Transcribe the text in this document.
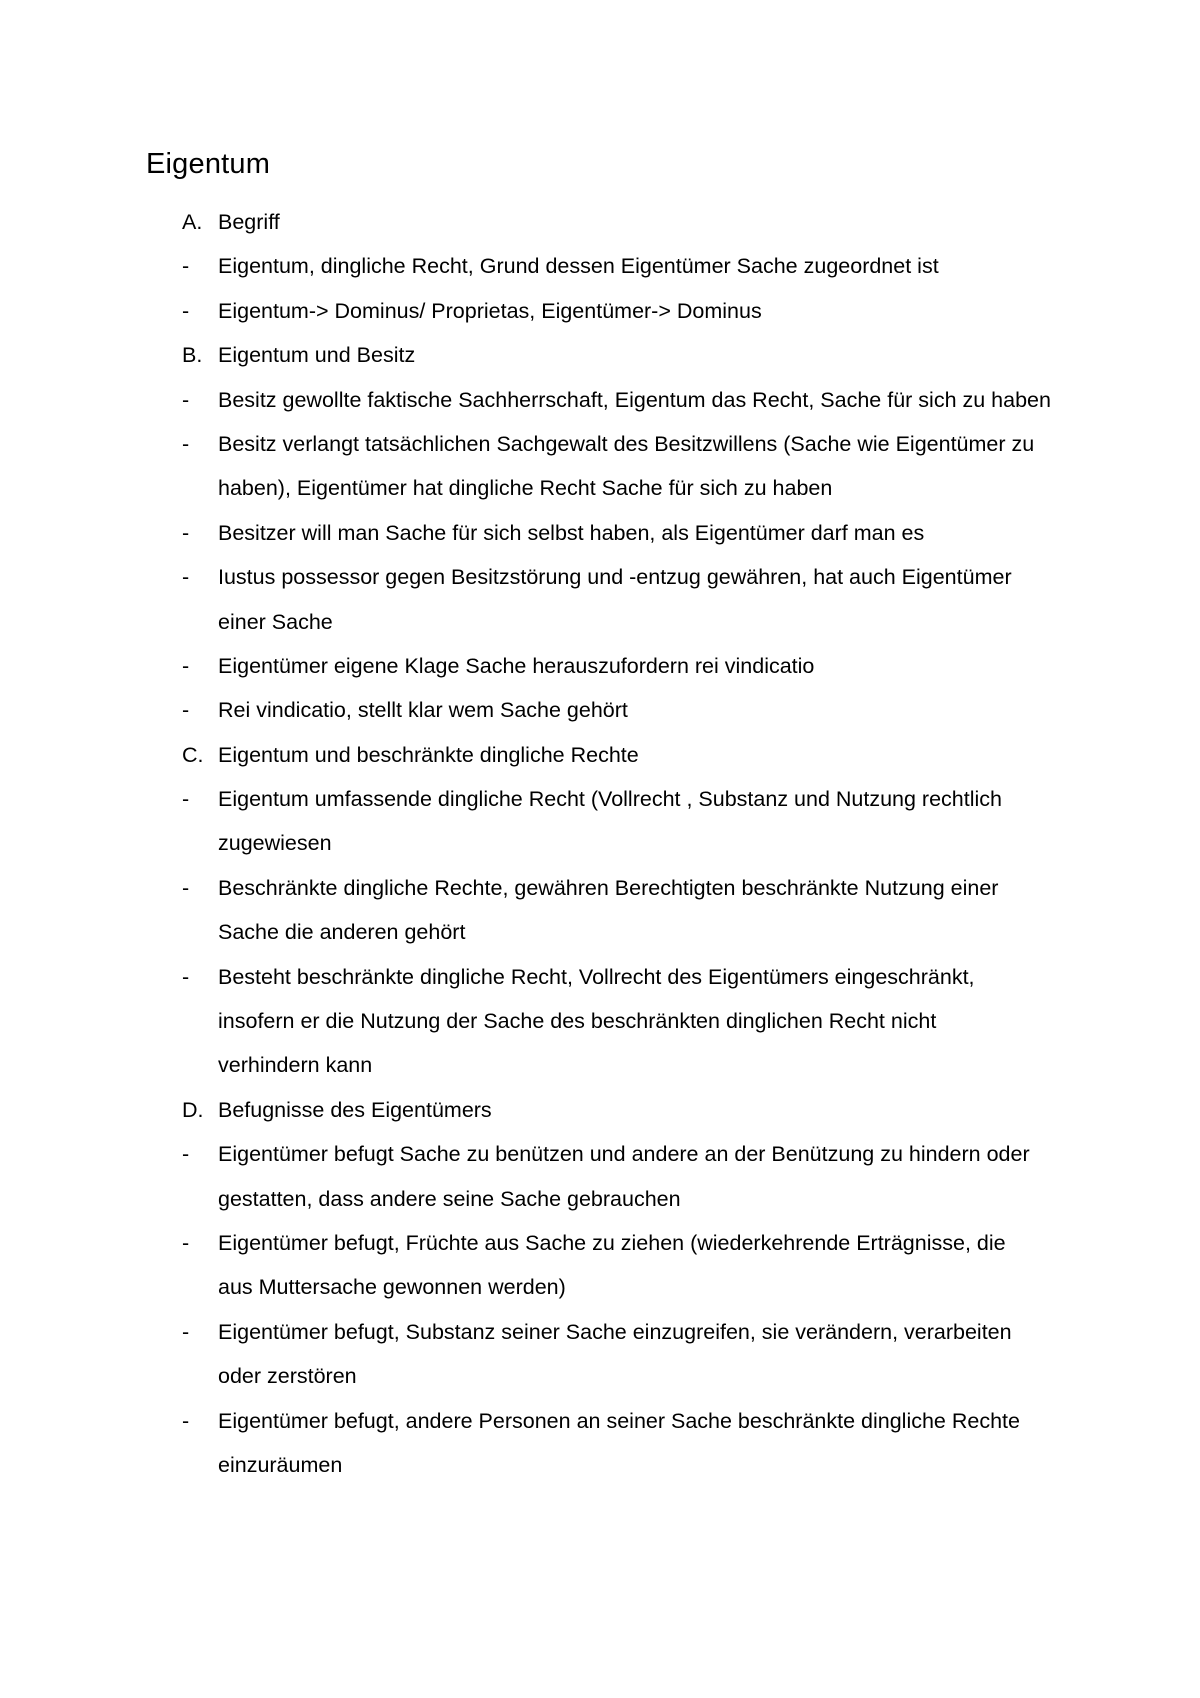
Eigentum
A. Begriff
- Eigentum, dingliche Recht, Grund dessen Eigentümer Sache zugeordnet ist
- Eigentum-> Dominus/ Proprietas, Eigentümer-> Dominus
B. Eigentum und Besitz
- Besitz gewollte faktische Sachherrschaft, Eigentum das Recht, Sache für sich zu haben
- Besitz verlangt tatsächlichen Sachgewalt des Besitzwillens (Sache wie Eigentümer zu
haben), Eigentümer hat dingliche Recht Sache für sich zu haben
- Besitzer will man Sache für sich selbst haben, als Eigentümer darf man es
- Iustus possessor gegen Besitzstörung und -entzug gewähren, hat auch Eigentümer
einer Sache
- Eigentümer eigene Klage Sache herauszufordern rei vindicatio
- Rei vindicatio, stellt klar wem Sache gehört
C. Eigentum und beschränkte dingliche Rechte
- Eigentum umfassende dingliche Recht (Vollrecht , Substanz und Nutzung rechtlich
zugewiesen
- Beschränkte dingliche Rechte, gewähren Berechtigten beschränkte Nutzung einer
Sache die anderen gehört
- Besteht beschränkte dingliche Recht, Vollrecht des Eigentümers eingeschränkt,
insofern er die Nutzung der Sache des beschränkten dinglichen Recht nicht
verhindern kann
D. Befugnisse des Eigentümers
- Eigentümer befugt Sache zu benützen und andere an der Benützung zu hindern oder
gestatten, dass andere seine Sache gebrauchen
- Eigentümer befugt, Früchte aus Sache zu ziehen (wiederkehrende Erträgnisse, die
aus Muttersache gewonnen werden)
- Eigentümer befugt, Substanz seiner Sache einzugreifen, sie verändern, verarbeiten
oder zerstören
- Eigentümer befugt, andere Personen an seiner Sache beschränkte dingliche Rechte
einzuräumen
